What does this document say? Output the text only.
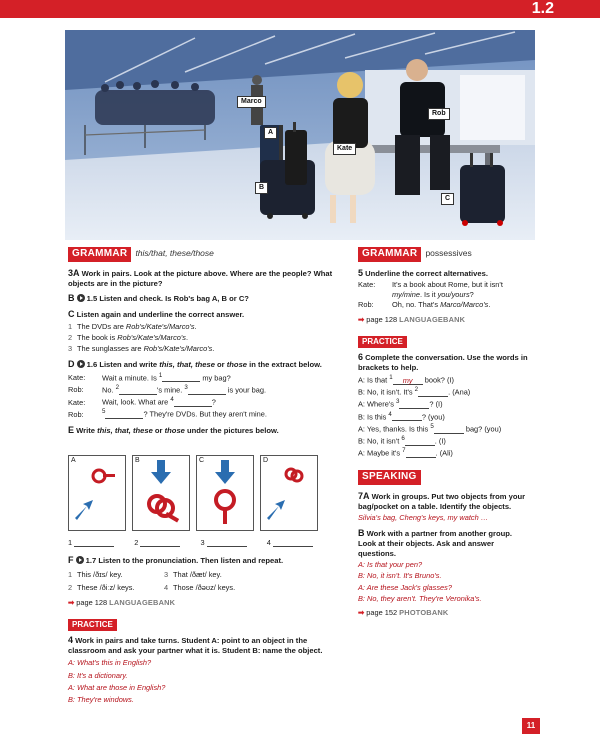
1.2
Marco
Rob
Kate
A
B
C
GRAMMAR this/that, these/those
3A Work in pairs. Look at the picture above. Where are the people? What objects are in the picture?
B 1.5 Listen and check. Is Rob's bag A, B or C?
C Listen again and underline the correct answer.
1 The DVDs are Rob's/Kate's/Marco's.
2 The book is Rob's/Kate's/Marco's.
3 The sunglasses are Rob's/Kate's/Marco's.
D 1.6 Listen and write this, that, these or those in the extract below.
Kate: Wait a minute. Is $^1$	my bag?
Rob: No. $^2$	's mine. $^3$	is your bag.
Kate: Wait, look. What are $^4$	?
Rob:	$^5$	? They're DVDs. But they aren't mine.
E Write this, that, these or those under the pictures below.
A	B	C	D
1	2	3	4
F 1.7 Listen to the pronunciation. Then listen and repeat.
1 This /ðɪs/ key.	3 That /ðæt/ key.
2 These /ðiːz/ keys.	4 Those /ðəʊz/ keys.
➡ page 128 LANGUAGEBANK
PRACTICE
4 Work in pairs and take turns. Student A: point to an object in the classroom and ask your partner what it is. Student B: name the object.
A: What's this in English?
B: It's a dictionary.
A: What are those in English?
B: They're windows.
GRAMMAR possessives
5 Underline the correct alternatives.
Kate: It's a book about Rome, but it isn't my/mine. Is it you/yours?
Rob: Oh, no. That's Marco/Marco's.
➡ page 128 LANGUAGEBANK
PRACTICE
6 Complete the conversation. Use the words in brackets to help.
A: Is that $^1$ my book? (I)
B: No, it isn't. It's $^2$	. (Ana)
A: Where's $^3$	? (I)
B: Is this $^4$	? (you)
A: Yes, thanks. Is this $^5$	bag? (you)
B: No, it isn't $^6$	. (I)
A: Maybe it's $^7$	. (Ali)
SPEAKING
7A Work in groups. Put two objects from your bag/pocket on a table. Identify the objects.
Silvia's bag, Cheng's keys, my watch …
B Work with a partner from another group. Look at their objects. Ask and answer questions.
A: Is that your pen?
B: No, it isn't. It's Bruno's.
A: Are these Jack's glasses?
B: No, they aren't. They're Veronika's.
➡ page 152 PHOTOBANK
11
